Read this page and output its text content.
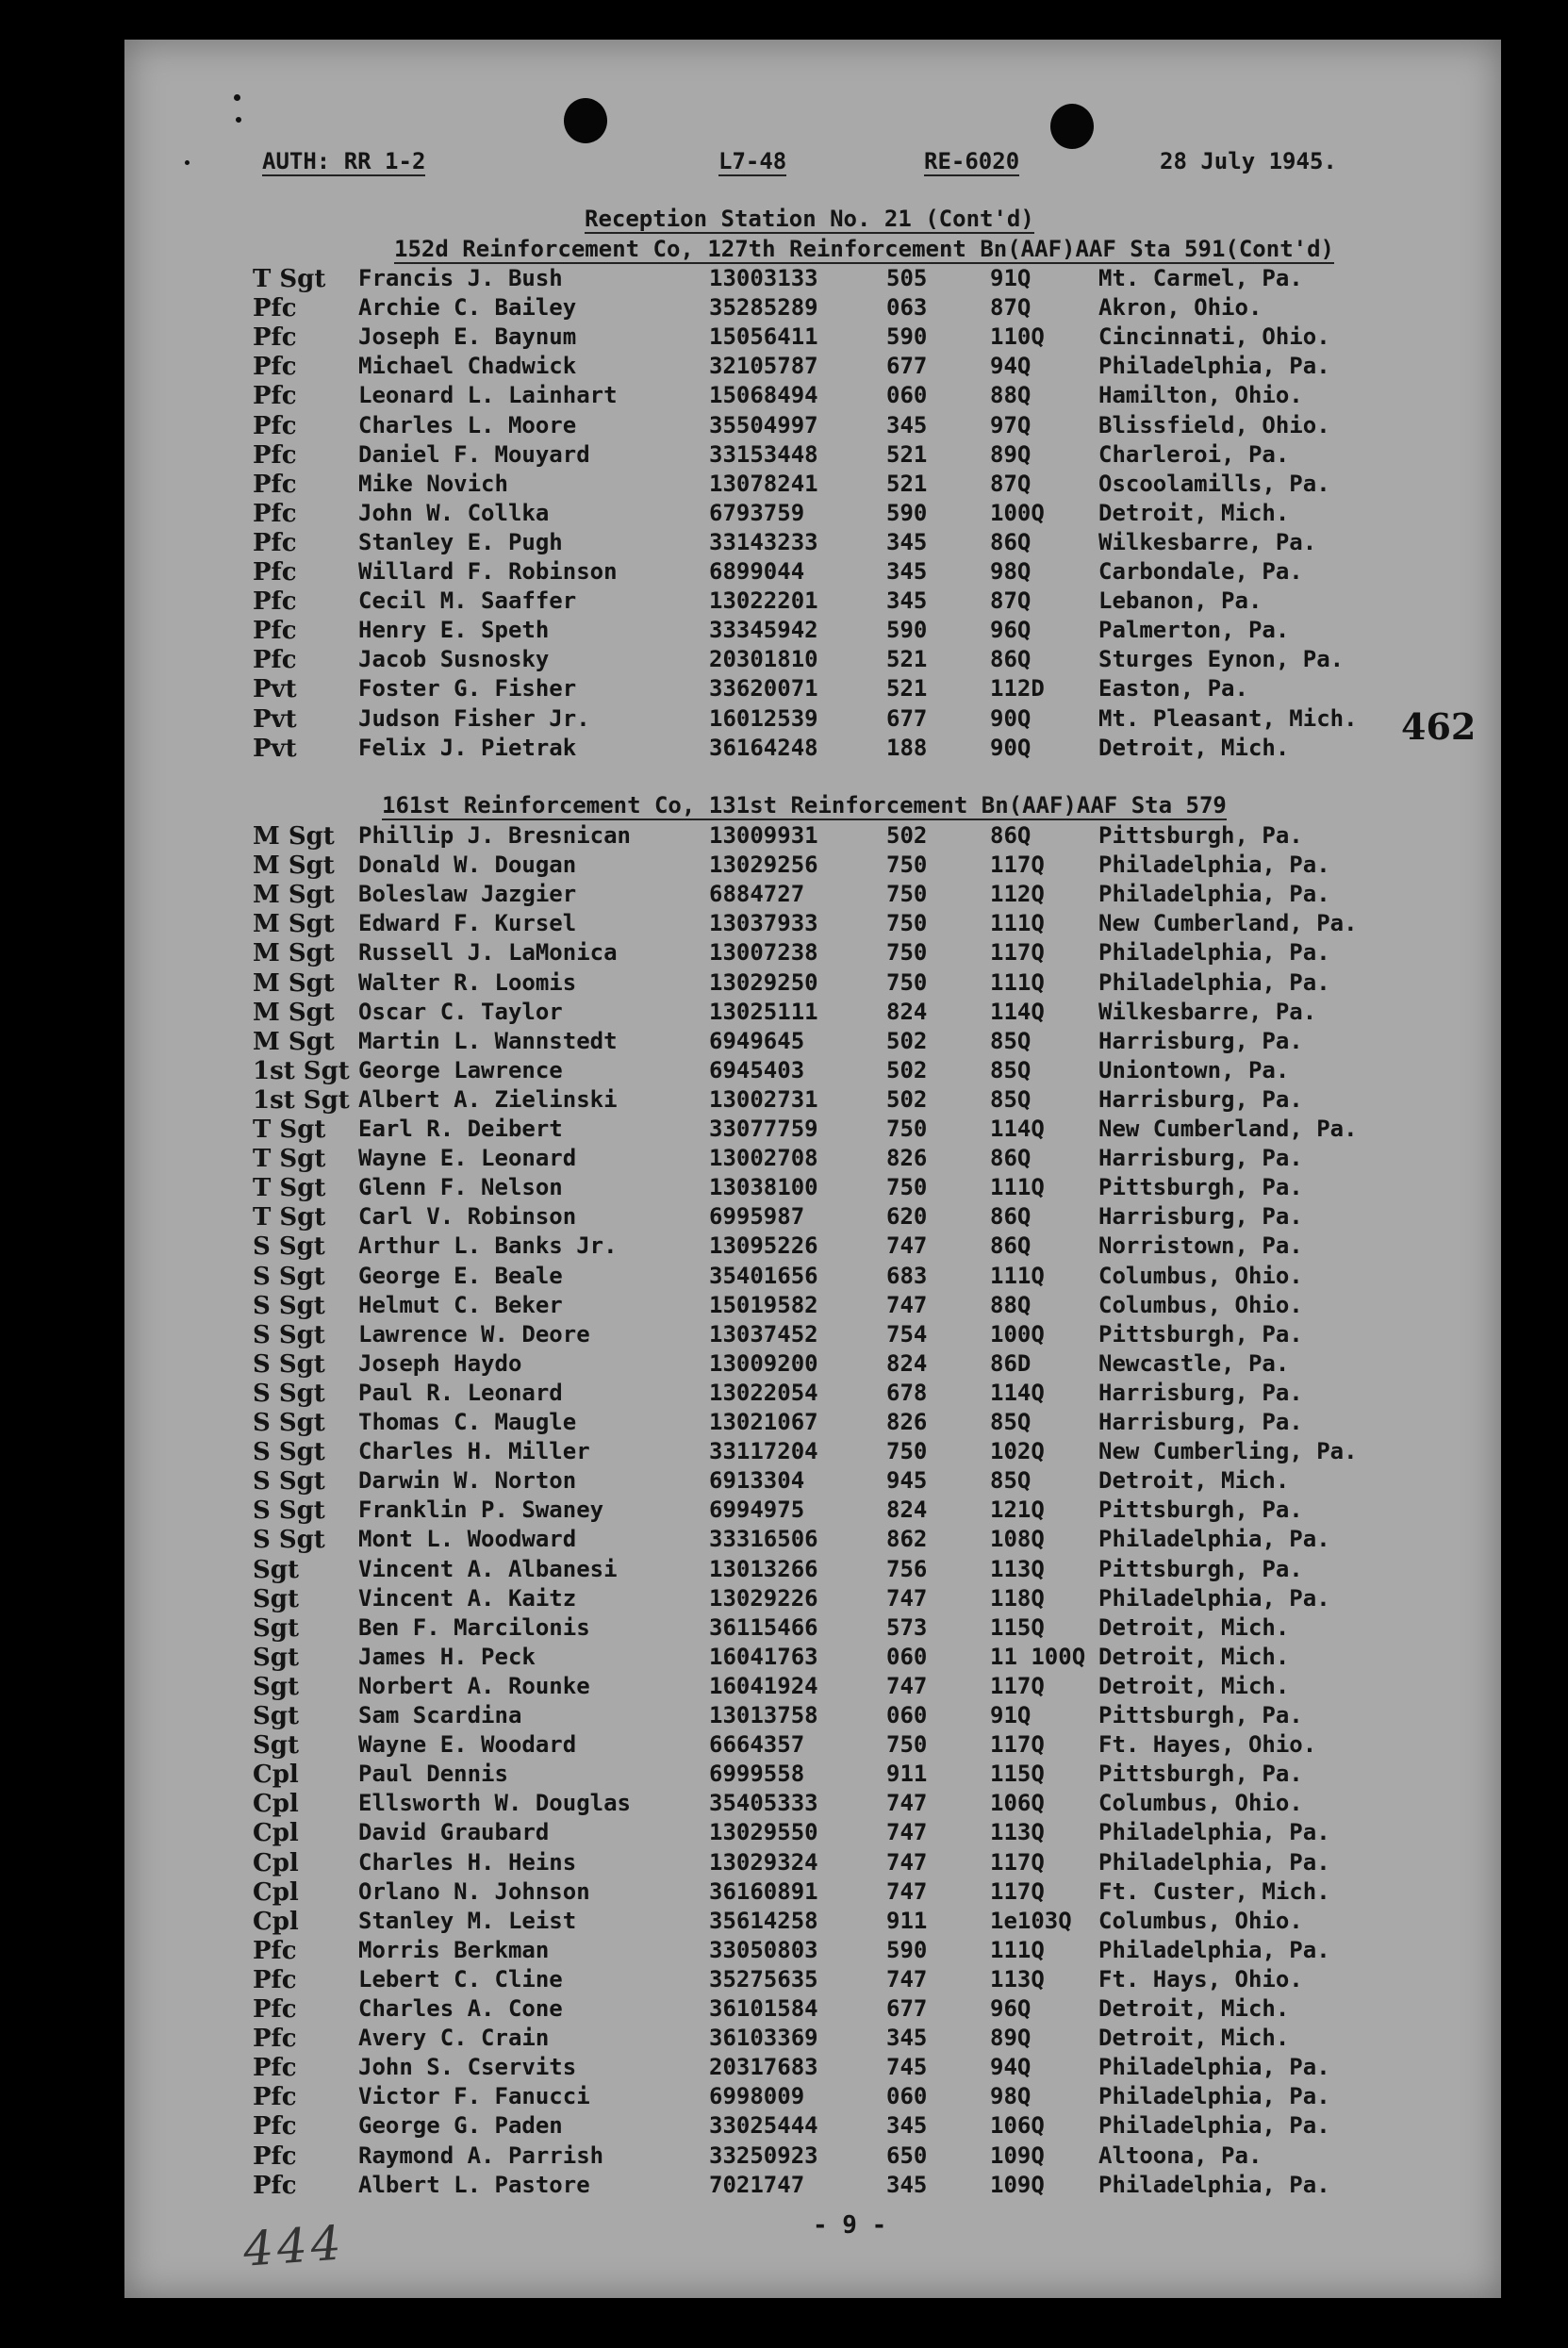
AUTH: RR 1-2	L7-48	RE-6020	28 July 1945.
Reception Station No. 21 (Cont'd)
152d Reinforcement Co, 127th Reinforcement Bn(AAF)AAF Sta 591(Cont'd)
T Sgt Francis J. Bush	13003133	505	91Q	Mt. Carmel, Pa.
Pfc	Archie C. Bailey	35285289	063	87Q	Akron, Ohio.
Pfc	Joseph E. Baynum	15056411	590	110Q Cincinnati, Ohio.
Pfc	Michael Chadwick	32105787	677	94Q	Philadelphia, Pa.
Pfc	Leonard L. Lainhart	15068494	060	88Q	Hamilton, Ohio.
Pfc	Charles L. Moore	35504997	345	97Q	Blissfield, Ohio.
Pfc	Daniel F. Mouyard	33153448	521	89Q	Charleroi, Pa.
Pfc	Mike Novich	13078241	521	87Q	Oscoolamills, Pa.
Pfc	John W. Collka	6793759	590	100Q Detroit, Mich.
Pfc	Stanley E. Pugh	33143233	345	86Q	Wilkesbarre, Pa.
Pfc	Willard F. Robinson	6899044	345	98Q	Carbondale, Pa.
Pfc	Cecil M. Saaffer	13022201	345	87Q	Lebanon, Pa.
Pfc	Henry E. Speth	33345942	590	96Q	Palmerton, Pa.
Pfc	Jacob Susnosky	20301810	521	86Q	Sturges Eynon, Pa.
Pvt	Foster G. Fisher	33620071	521	112D Easton, Pa.
Pvt	Judson Fisher Jr.	16012539	677	90Q	Mt. Pleasant, Mich.
Pvt	Felix J. Pietrak	36164248	188	90Q	Detroit, Mich.	462
161st Reinforcement Co, 131st Reinforcement Bn(AAF)AAF Sta 579
M Sgt Phillip J. Bresnican	13009931	502	86Q	Pittsburgh, Pa.
M Sgt Donald W. Dougan	13029256	750	117Q Philadelphia, Pa.
M Sgt Boleslaw Jazgier	6884727	750	112Q Philadelphia, Pa.
M Sgt Edward F. Kursel	13037933	750	111Q New Cumberland, Pa.
M Sgt Russell J. LaMonica	13007238	750	117Q Philadelphia, Pa.
M Sgt Walter R. Loomis	13029250	750	111Q Philadelphia, Pa.
M Sgt Oscar C. Taylor	13025111	824	114Q Wilkesbarre, Pa.
M Sgt Martin L. Wannstedt	6949645	502	85Q	Harrisburg, Pa.
1st Sgt George Lawrence	6945403	502	85Q	Uniontown, Pa.
1st Sgt Albert A. Zielinski	13002731	502	85Q	Harrisburg, Pa.
T Sgt Earl R. Deibert	33077759	750	114Q New Cumberland, Pa.
T Sgt Wayne E. Leonard	13002708	826	86Q	Harrisburg, Pa.
T Sgt Glenn F. Nelson	13038100	750	111Q Pittsburgh, Pa.
T Sgt Carl V. Robinson	6995987	620	86Q	Harrisburg, Pa.
S Sgt Arthur L. Banks Jr.	13095226	747	86Q	Norristown, Pa.
S Sgt George E. Beale	35401656	683	111Q Columbus, Ohio.
S Sgt Helmut C. Beker	15019582	747	88Q	Columbus, Ohio.
S Sgt Lawrence W. Deore	13037452	754	100Q Pittsburgh, Pa.
S Sgt Joseph Haydo	13009200	824	86D	Newcastle, Pa.
S Sgt Paul R. Leonard	13022054	678	114Q Harrisburg, Pa.
S Sgt Thomas C. Maugle	13021067	826	85Q	Harrisburg, Pa.
S Sgt Charles H. Miller	33117204	750	102Q New Cumberling, Pa.
S Sgt Darwin W. Norton	6913304	945	85Q	Detroit, Mich.
S Sgt Franklin P. Swaney	6994975	824	121Q Pittsburgh, Pa.
S Sgt Mont L. Woodward	33316506	862	108Q Philadelphia, Pa.
Sgt	Vincent A. Albanesi	13013266	756	113Q Pittsburgh, Pa.
Sgt	Vincent A. Kaitz	13029226	747	118Q Philadelphia, Pa.
Sgt	Ben F. Marcilonis	36115466	573	115Q Detroit, Mich.
Sgt	James H. Peck	16041763	060	11 100Q Detroit, Mich.
Sgt	Norbert A. Rounke	16041924	747	117Q Detroit, Mich.
Sgt	Sam Scardina	13013758	060	91Q	Pittsburgh, Pa.
Sgt	Wayne E. Woodard	6664357	750	117Q Ft. Hayes, Ohio.
Cpl	Paul Dennis	6999558	911	115Q Pittsburgh, Pa.
Cpl	Ellsworth W. Douglas	35405333	747	106Q Columbus, Ohio.
Cpl	David Graubard	13029550	747	113Q Philadelphia, Pa.
Cpl	Charles H. Heins	13029324	747	117Q Philadelphia, Pa.
Cpl	Orlano N. Johnson	36160891	747	117Q Ft. Custer, Mich.
Cpl	Stanley M. Leist	35614258	911	1e103Q Columbus, Ohio.
Pfc	Morris Berkman	33050803	590	111Q Philadelphia, Pa.
Pfc	Lebert C. Cline	35275635	747	113Q Ft. Hays, Ohio.
Pfc	Charles A. Cone	36101584	677	96Q	Detroit, Mich.
Pfc	Avery C. Crain	36103369	345	89Q	Detroit, Mich.
Pfc	John S. Cservits	20317683	745	94Q	Philadelphia, Pa.
Pfc	Victor F. Fanucci	6998009	060	98Q	Philadelphia, Pa.
Pfc	George G. Paden	33025444	345	106Q Philadelphia, Pa.
Pfc	Raymond A. Parrish	33250923	650	109Q Altoona, Pa.
Pfc	Albert L. Pastore	7021747	345	109Q Philadelphia, Pa.
- 9 -
444
